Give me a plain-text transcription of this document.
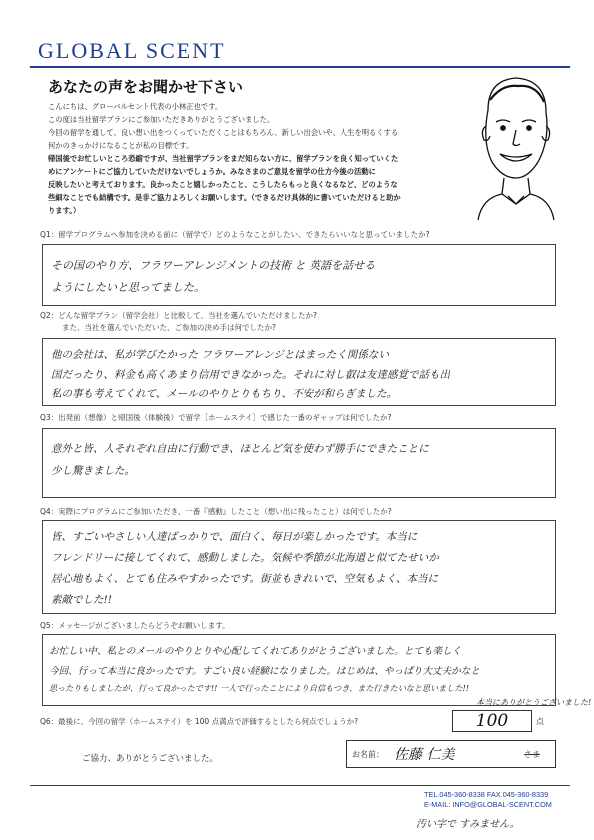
GLOBAL SCENT
あなたの声をお聞かせ下さい
こんにちは、グローバルセント代表の小林正也です。
この度は当社留学プランにご参加いただきありがとうございました。
今回の留学を通して、良い想い出をつくっていただくことはもちろん、新しい出会いや、人生を明るくする
何かのきっかけになることが私の目標です。
帰国後でお忙しいところ恐縮ですが、当社留学プランをまだ知らない方に、留学プランを良く知っていくた
めにアンケートにご協力していただけないでしょうか。みなさまのご意見を留学の仕方今後の活動に
反映したいと考えております。良かったこと嬉しかったこと、こうしたらもっと良くなるなど、どのような
些細なことでも結構です。是非ご協力よろしくお願いします。（できるだけ具体的に書いていただけると助か
ります。）
Q1：留学プログラムへ参加を決める前に（留学で）どのようなことがしたい、できたらいいなと思っていましたか?
その国のやり方、フラワーアレンジメントの技術 と 英語を話せる
ようにしたいと思ってました。
Q2：どんな留学プラン（留学会社）と比較して、当社を選んでいただけましたか?
また、当社を選んでいただいた、ご参加の決め手は何でしたか?
他の会社は、私が学びたかった フラワーアレンジとはまったく関係ない
国だったり、料金も高くあまり信用できなかった。それに対し叡は友達感覚で話も出
私の事も考えてくれて、メールのやりとりもちり、不安が和らぎました。
Q3：出発前（想像）と帰国後（体験後）で留学［ホームステイ］で感じた一番のギャップは何でしたか?
意外と皆、人それぞれ自由に行動でき、ほとんど気を使わず勝手にできたことに
少し驚きました。
Q4：実際にプログラムにご参加いただき、一番『感動』したこと（想い出に残ったこと）は何でしたか?
皆、すごいやさしい人達ばっかりで、面白く、毎日が楽しかったです。本当に
フレンドリーに接してくれて、感動しました。気候や季節が北海道と似てたせいか
居心地もよく、とても住みやすかったです。街並もきれいで、空気もよく、本当に
素敵でした!!
Q5：メッセージがございましたらどうぞお願いします。
お忙しい中、私とのメールのやりとりや心配してくれてありがとうございました。とても楽しく
今回、行って本当に良かったです。すごい良い経験になりました。はじめは、やっぱり大丈夫かなと
思ったりもしましたが、行って良かったです!! 一人で行ったことにより自信もつき、また行きたいなと思いました!!
本当にありがとうございました!
Q6：最後に、今回の留学（ホームステイ）を 100 点満点で評価するとしたら何点でしょうか?	100	点
ご協力、ありがとうございました。	お名前： 佐藤 仁美	さま
TEL.045-360-8338 FAX.045-360-8339
E-MAIL: INFO@GLOBAL-SCENT.COM
汚い字で すみません。
